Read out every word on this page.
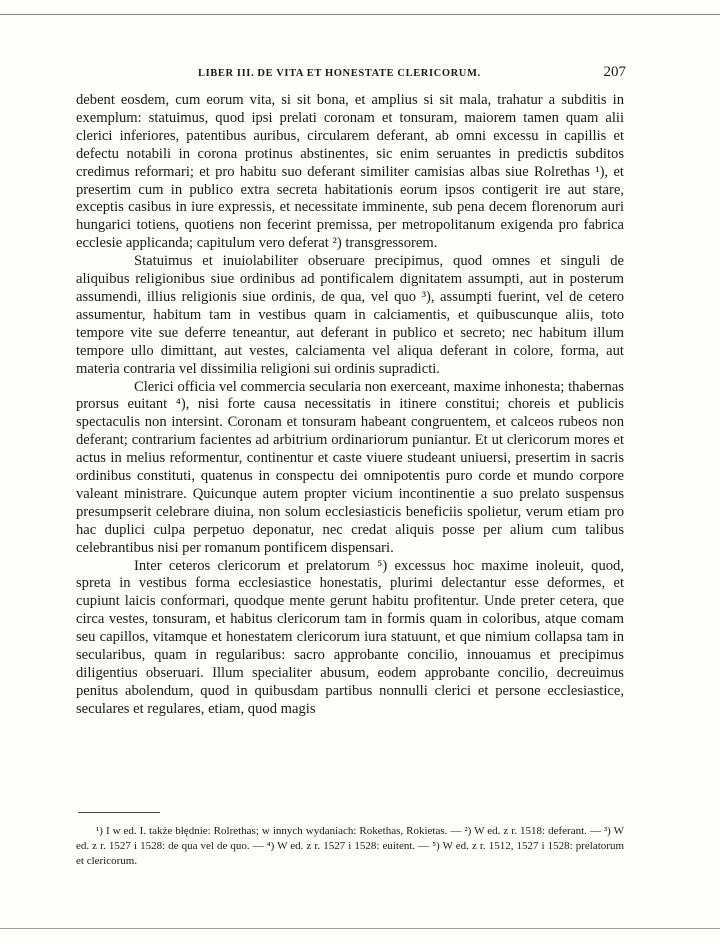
LIBER III. DE VITA ET HONESTATE CLERICORUM.	207

debent eosdem, cum eorum vita, si sit bona, et amplius si sit mala, trahatur a subditis in exemplum: statuimus, quod ipsi prelati coronam et tonsuram, maiorem tamen quam alii clerici inferiores, patentibus auribus, circularem deferant, ab omni excessu in capillis et defectu notabili in corona protinus abstinentes, sic enim seruantes in predictis subditos credimus reformari; et pro habitu suo deferant similiter camisias albas siue Rolrethas ¹), et presertim cum in publico extra secreta habitationis eorum ipsos contigerit ire aut stare, exceptis casibus in iure expressis, et necessitate imminente, sub pena decem florenorum auri hungarici totiens, quotiens non fecerint premissa, per metropolitanum exigenda pro fabrica ecclesie applicanda; capitulum vero deferat ²) transgressorem.

Statuimus et inuiolabiliter obseruare precipimus, quod omnes et singuli de aliquibus religionibus siue ordinibus ad pontificalem dignitatem assumpti, aut in posterum assumendi, illius religionis siue ordinis, de qua, vel quo ³), assumpti fuerint, vel de cetero assumentur, habitum tam in vestibus quam in calciamentis, et quibuscunque aliis, toto tempore vite sue deferre teneantur, aut deferant in publico et secreto; nec habitum illum tempore ullo dimittant, aut vestes, calciamenta vel aliqua deferant in colore, forma, aut materia contraria vel dissimilia religioni sui ordinis supradicti.

Clerici officia vel commercia secularia non exerceant, maxime inhonesta; thabernas prorsus euitant ⁴), nisi forte causa necessitatis in itinere constitui; choreis et publicis spectaculis non intersint. Coronam et tonsuram habeant congruentem, et calceos rubeos non deferant; contrarium facientes ad arbitrium ordinariorum puniantur. Et ut clericorum mores et actus in melius reformentur, continentur et caste viuere studeant uniuersi, presertim in sacris ordinibus constituti, quatenus in conspectu dei omnipotentis puro corde et mundo corpore valeant ministrare. Quicunque autem propter vicium incontinentie a suo prelato suspensus presumpserit celebrare diuina, non solum ecclesiasticis beneficiis spolietur, verum etiam pro hac duplici culpa perpetuo deponatur, nec credat aliquis posse per alium cum talibus celebrantibus nisi per romanum pontificem dispensari.

Inter ceteros clericorum et prelatorum ⁵) excessus hoc maxime inoleuit, quod, spreta in vestibus forma ecclesiastice honestatis, plurimi delectantur esse deformes, et cupiunt laicis conformari, quodque mente gerunt habitu profitentur. Unde preter cetera, que circa vestes, tonsuram, et habitus clericorum tam in formis quam in coloribus, atque comam seu capillos, vitamque et honestatem clericorum iura statuunt, et que nimium collapsa tam in secularibus, quam in regularibus: sacro approbante concilio, innouamus et precipimus diligentius obseruari. Illum specialiter abusum, eodem approbante concilio, decreuimus penitus abolendum, quod in quibusdam partibus nonnulli clerici et persone ecclesiastice, seculares et regulares, etiam, quod magis

¹) I w ed. I. także błędnie: Rolrethas; w innych wydaniach: Rokethas, Rokietas. — ²) W ed. z r. 1518: deferant. — ³) W ed. z r. 1527 i 1528: de qua vel de quo. — ⁴) W ed. z r. 1527 i 1528: euitent. — ⁵) W ed. z r. 1512, 1527 i 1528: prelatorum et clericorum.
